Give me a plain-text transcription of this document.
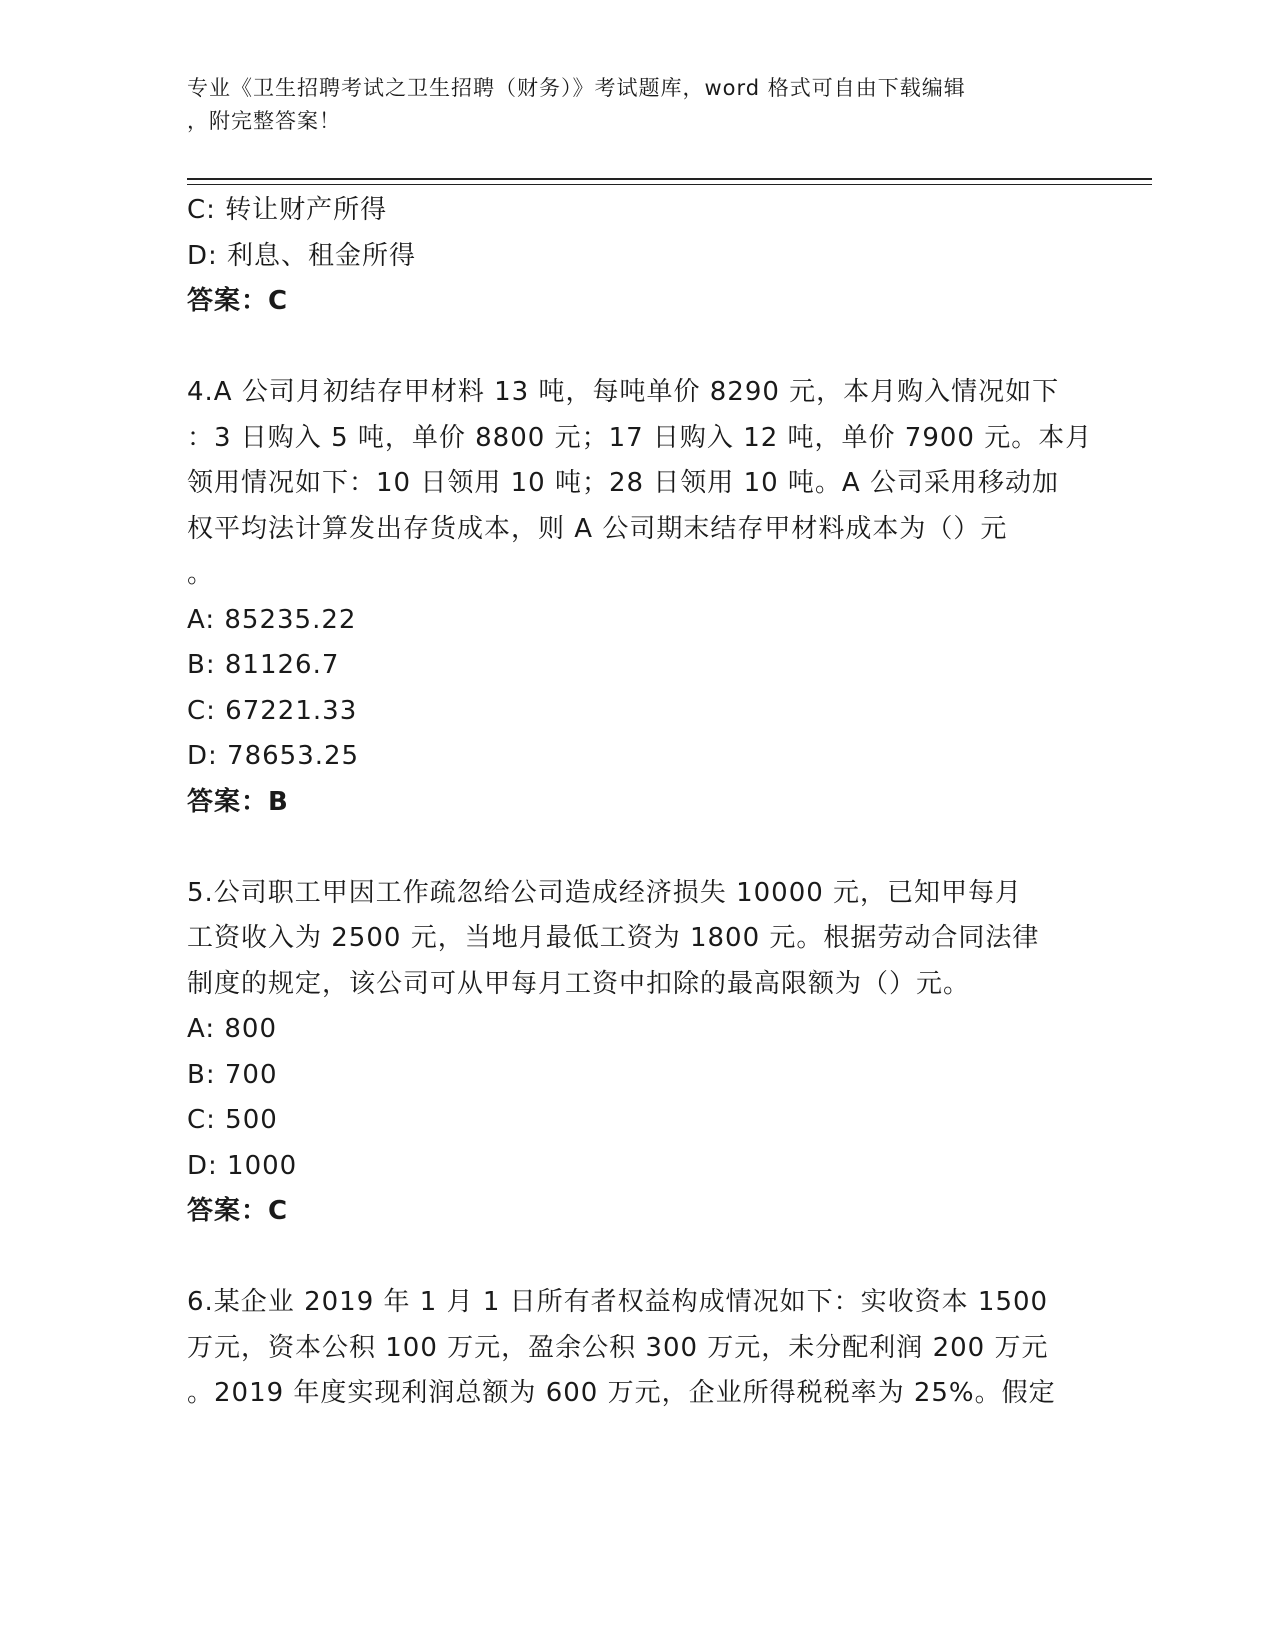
专业《卫生招聘考试之卫生招聘（财务）》考试题库，word 格式可自由下载编辑
，附完整答案！
C: 转让财产所得
D: 利息、租金所得
答案：C
4.A 公司月初结存甲材料 13 吨，每吨单价 8290 元，本月购入情况如下
：3 日购入 5 吨，单价 8800 元；17 日购入 12 吨，单价 7900 元。本月
领用情况如下：10 日领用 10 吨；28 日领用 10 吨。A 公司采用移动加
权平均法计算发出存货成本，则 A 公司期末结存甲材料成本为（）元
。
A: 85235.22
B: 81126.7
C: 67221.33
D: 78653.25
答案：B
5.公司职工甲因工作疏忽给公司造成经济损失 10000 元，已知甲每月
工资收入为 2500 元，当地月最低工资为 1800 元。根据劳动合同法律
制度的规定，该公司可从甲每月工资中扣除的最高限额为（）元。
A: 800
B: 700
C: 500
D: 1000
答案：C
6.某企业 2019 年 1 月 1 日所有者权益构成情况如下：实收资本 1500
万元，资本公积 100 万元，盈余公积 300 万元，未分配利润 200 万元
。2019 年度实现利润总额为 600 万元，企业所得税税率为 25%。假定
